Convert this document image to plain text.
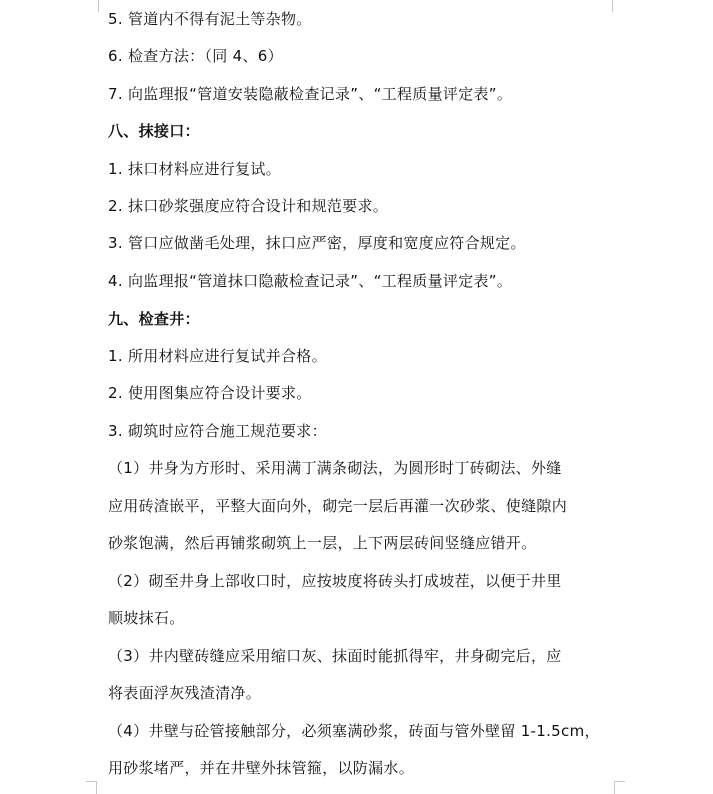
5. 管道内不得有泥土等杂物。
6. 检查方法：（同 4、6）
7. 向监理报“管道安装隐蔽检查记录”、“工程质量评定表”。
八、抹接口：
1. 抹口材料应进行复试。
2. 抹口砂浆强度应符合设计和规范要求。
3. 管口应做凿毛处理，抹口应严密，厚度和宽度应符合规定。
4. 向监理报“管道抹口隐蔽检查记录”、“工程质量评定表”。
九、检查井：
1. 所用材料应进行复试并合格。
2. 使用图集应符合设计要求。
3. 砌筑时应符合施工规范要求：
（1）井身为方形时、采用满丁满条砌法，为圆形时丁砖砌法、外缝
应用砖渣嵌平，平整大面向外，砌完一层后再灌一次砂浆、使缝隙内
砂浆饱满，然后再铺浆砌筑上一层，上下两层砖间竖缝应错开。
（2）砌至井身上部收口时，应按坡度将砖头打成坡茬，以便于井里
顺坡抹石。
（3）井内壁砖缝应采用缩口灰、抹面时能抓得牢，井身砌完后，应
将表面浮灰残渣清净。
（4）井壁与砼管接触部分，必须塞满砂浆，砖面与管外壁留 1-1.5cm，
用砂浆堵严，并在井壁外抹管箍，以防漏水。
